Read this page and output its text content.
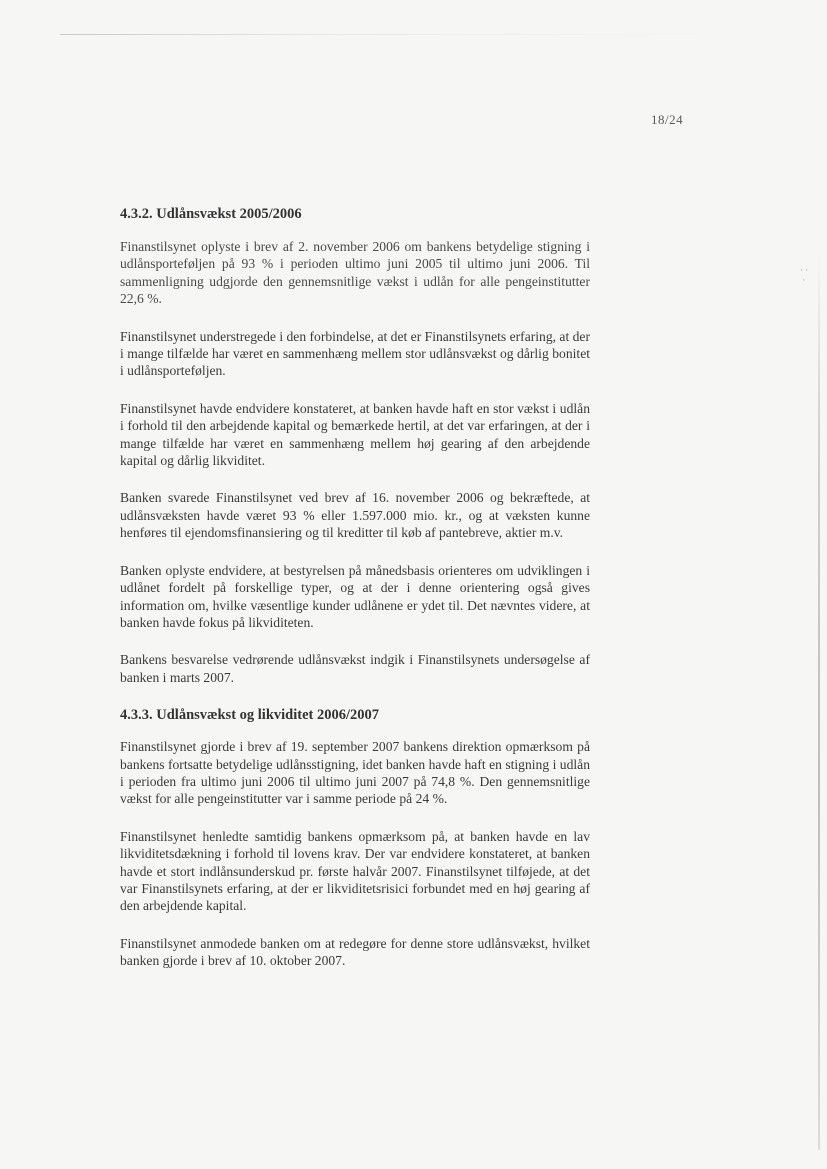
· ·
·
18/24
4.3.2. Udlånsvækst 2005/2006

Finanstilsynet oplyste i brev af 2. november 2006 om bankens betydelige stigning i udlånsporteføljen på 93 % i perioden ultimo juni 2005 til ultimo juni 2006. Til sammenligning udgjorde den gennemsnitlige vækst i udlån for alle pengeinstitutter 22,6 %.

Finanstilsynet understregede i den forbindelse, at det er Finanstilsynets erfaring, at der i mange tilfælde har været en sammenhæng mellem stor udlånsvækst og dårlig bonitet i udlånsporteføljen.

Finanstilsynet havde endvidere konstateret, at banken havde haft en stor vækst i udlån i forhold til den arbejdende kapital og bemærkede hertil, at det var erfaringen, at der i mange tilfælde har været en sammenhæng mellem høj gearing af den arbejdende kapital og dårlig likviditet.

Banken svarede Finanstilsynet ved brev af 16. november 2006 og bekræftede, at udlånsvæksten havde været 93 % eller 1.597.000 mio. kr., og at væksten kunne henføres til ejendomsfinansiering og til kreditter til køb af pantebreve, aktier m.v.

Banken oplyste endvidere, at bestyrelsen på månedsbasis orienteres om udviklingen i udlånet fordelt på forskellige typer, og at der i denne orientering også gives information om, hvilke væsentlige kunder udlånene er ydet til. Det nævntes videre, at banken havde fokus på likviditeten.

Bankens besvarelse vedrørende udlånsvækst indgik i Finanstilsynets undersøgelse af banken i marts 2007.

4.3.3. Udlånsvækst og likviditet 2006/2007

Finanstilsynet gjorde i brev af 19. september 2007 bankens direktion opmærksom på bankens fortsatte betydelige udlånsstigning, idet banken havde haft en stigning i udlån i perioden fra ultimo juni 2006 til ultimo juni 2007 på 74,8 %. Den gennemsnitlige vækst for alle pengeinstitutter var i samme periode på 24 %.

Finanstilsynet henledte samtidig bankens opmærksom på, at banken havde en lav likviditetsdækning i forhold til lovens krav. Der var endvidere konstateret, at banken havde et stort indlånsunderskud pr. første halvår 2007. Finanstilsynet tilføjede, at det var Finanstilsynets erfaring, at der er likviditetsrisici forbundet med en høj gearing af den arbejdende kapital.

Finanstilsynet anmodede banken om at redegøre for denne store udlånsvækst, hvilket banken gjorde i brev af 10. oktober 2007.
